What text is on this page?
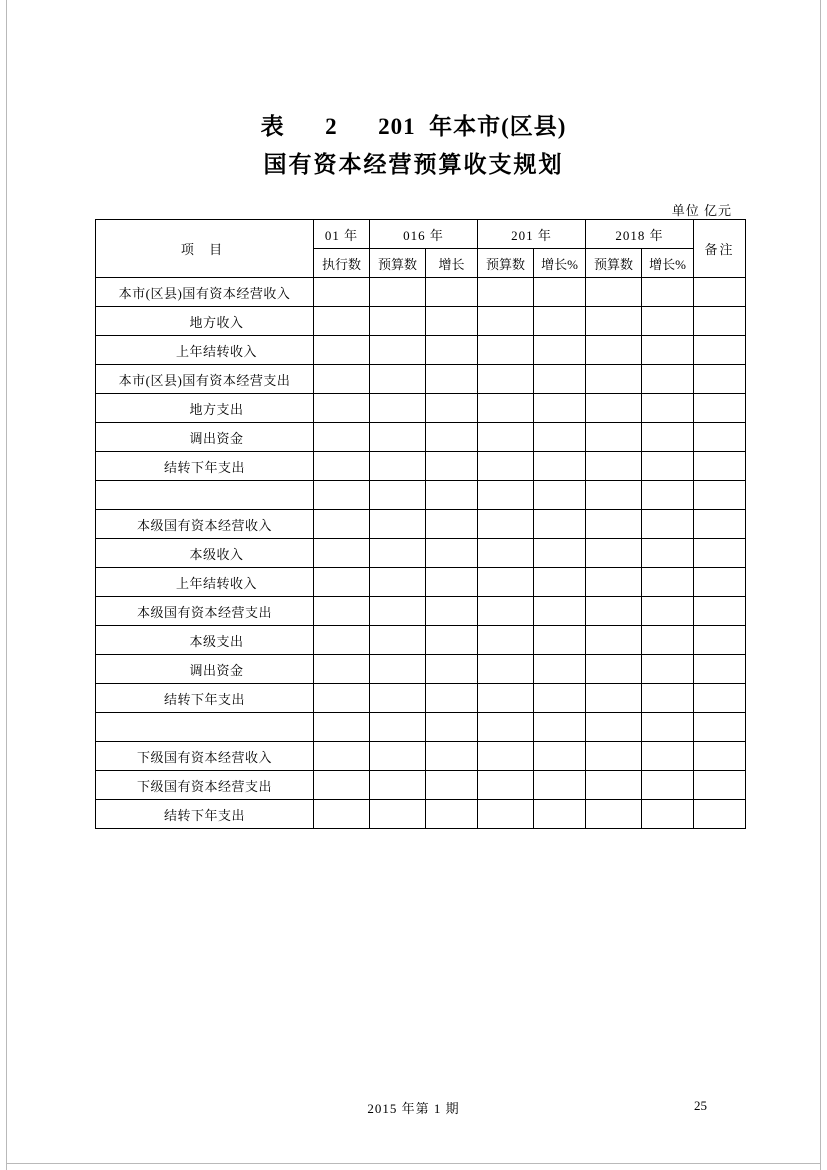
表      2      201  年本市(区县)
国有资本经营预算收支规划
单位 亿元
项 目	01 年	016 年		201 年		2018 年		备注
	执行数	预算数	增长	预算数	增长%	预算数	增长%	
本市(区县)国有资本经营收入								
地方收入								
上年结转收入								
本市(区县)国有资本经营支出								
地方支出								
调出资金								
结转下年支出								

本级国有资本经营收入								
本级收入								
上年结转收入								
本级国有资本经营支出								
本级支出								
调出资金								
结转下年支出								

下级国有资本经营收入								
下级国有资本经营支出								
结转下年支出								
2015 年第 1 期	25
